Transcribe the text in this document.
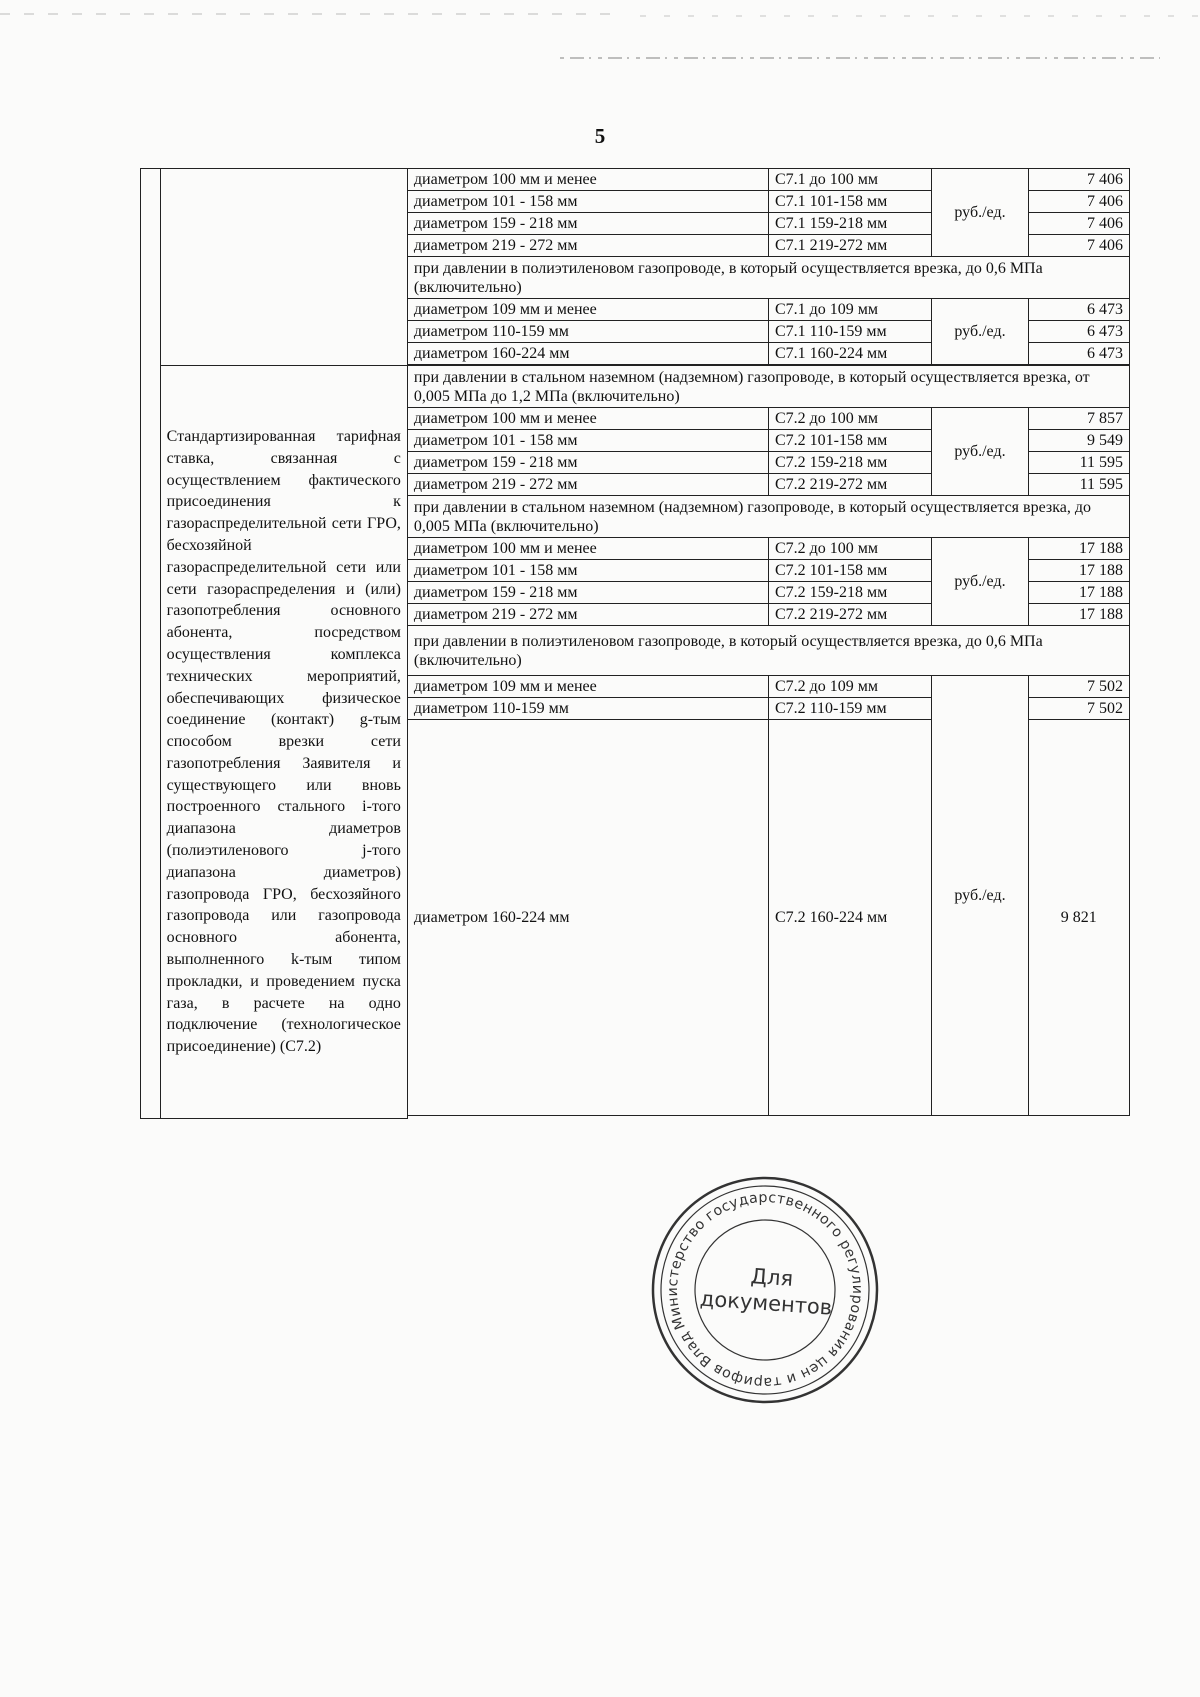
5
		диаметром 100 мм и менее	С7.1 до 100 мм	руб./ед.	7 406
		диаметром 101 - 158 мм	С7.1 101-158 мм		7 406
		диаметром 159 - 218 мм	С7.1 159-218 мм		7 406
		диаметром 219 - 272 мм	С7.1 219-272 мм		7 406
		при давлении в полиэтиленовом газопроводе, в который осуществляется врезка, до 0,6 МПа (включительно)			
		диаметром 109 мм и менее	С7.1 до 109 мм	руб./ед.	6 473
		диаметром 110-159 мм	С7.1 110-159 мм		6 473
		диаметром 160-224 мм	С7.1 160-224 мм		6 473

	Стандартизированная тарифная ставка, связанная с осуществлением фактического присоединения к газораспределительной сети ГРО, бесхозяйной газораспределительной сети или сети газораспределения и (или) газопотребления основного абонента, посредством осуществления комплекса технических мероприятий, обеспечивающих физическое соединение (контакт) g-тым способом врезки сети газопотребления Заявителя и существующего или вновь построенного стального i-того диапазона диаметров (полиэтиленового j-того диапазона диаметров) газопровода ГРО, бесхозяйного газопровода или газопровода основного абонента, выполненного k-тым типом прокладки, и проведением пуска газа, в расчете на одно подключение (технологическое присоединение) (С7.2)	при давлении в стальном наземном (надземном) газопроводе, в который осуществляется врезка, от 0,005 МПа до 1,2 МПа (включительно)			
		диаметром 100 мм и менее	С7.2 до 100 мм	руб./ед.	7 857
		диаметром 101 - 158 мм	С7.2 101-158 мм		9 549
		диаметром 159 - 218 мм	С7.2 159-218 мм		11 595
		диаметром 219 - 272 мм	С7.2 219-272 мм		11 595
		при давлении в стальном наземном (надземном) газопроводе, в который осуществляется врезка, до 0,005 МПа (включительно)			
		диаметром 100 мм и менее	С7.2 до 100 мм	руб./ед.	17 188
		диаметром 101 - 158 мм	С7.2 101-158 мм		17 188
		диаметром 159 - 218 мм	С7.2 159-218 мм		17 188
		диаметром 219 - 272 мм	С7.2 219-272 мм		17 188
		при давлении в полиэтиленовом газопроводе, в который осуществляется врезка, до 0,6 МПа (включительно)			
		диаметром 109 мм и менее	С7.2 до 109 мм	руб./ед.	7 502
		диаметром 110-159 мм	С7.2 110-159 мм		7 502
		диаметром 160-224 мм	С7.2 160-224 мм		9 821

Министерство государственного регулирования цен и тарифов Владимирской
Для
документов
